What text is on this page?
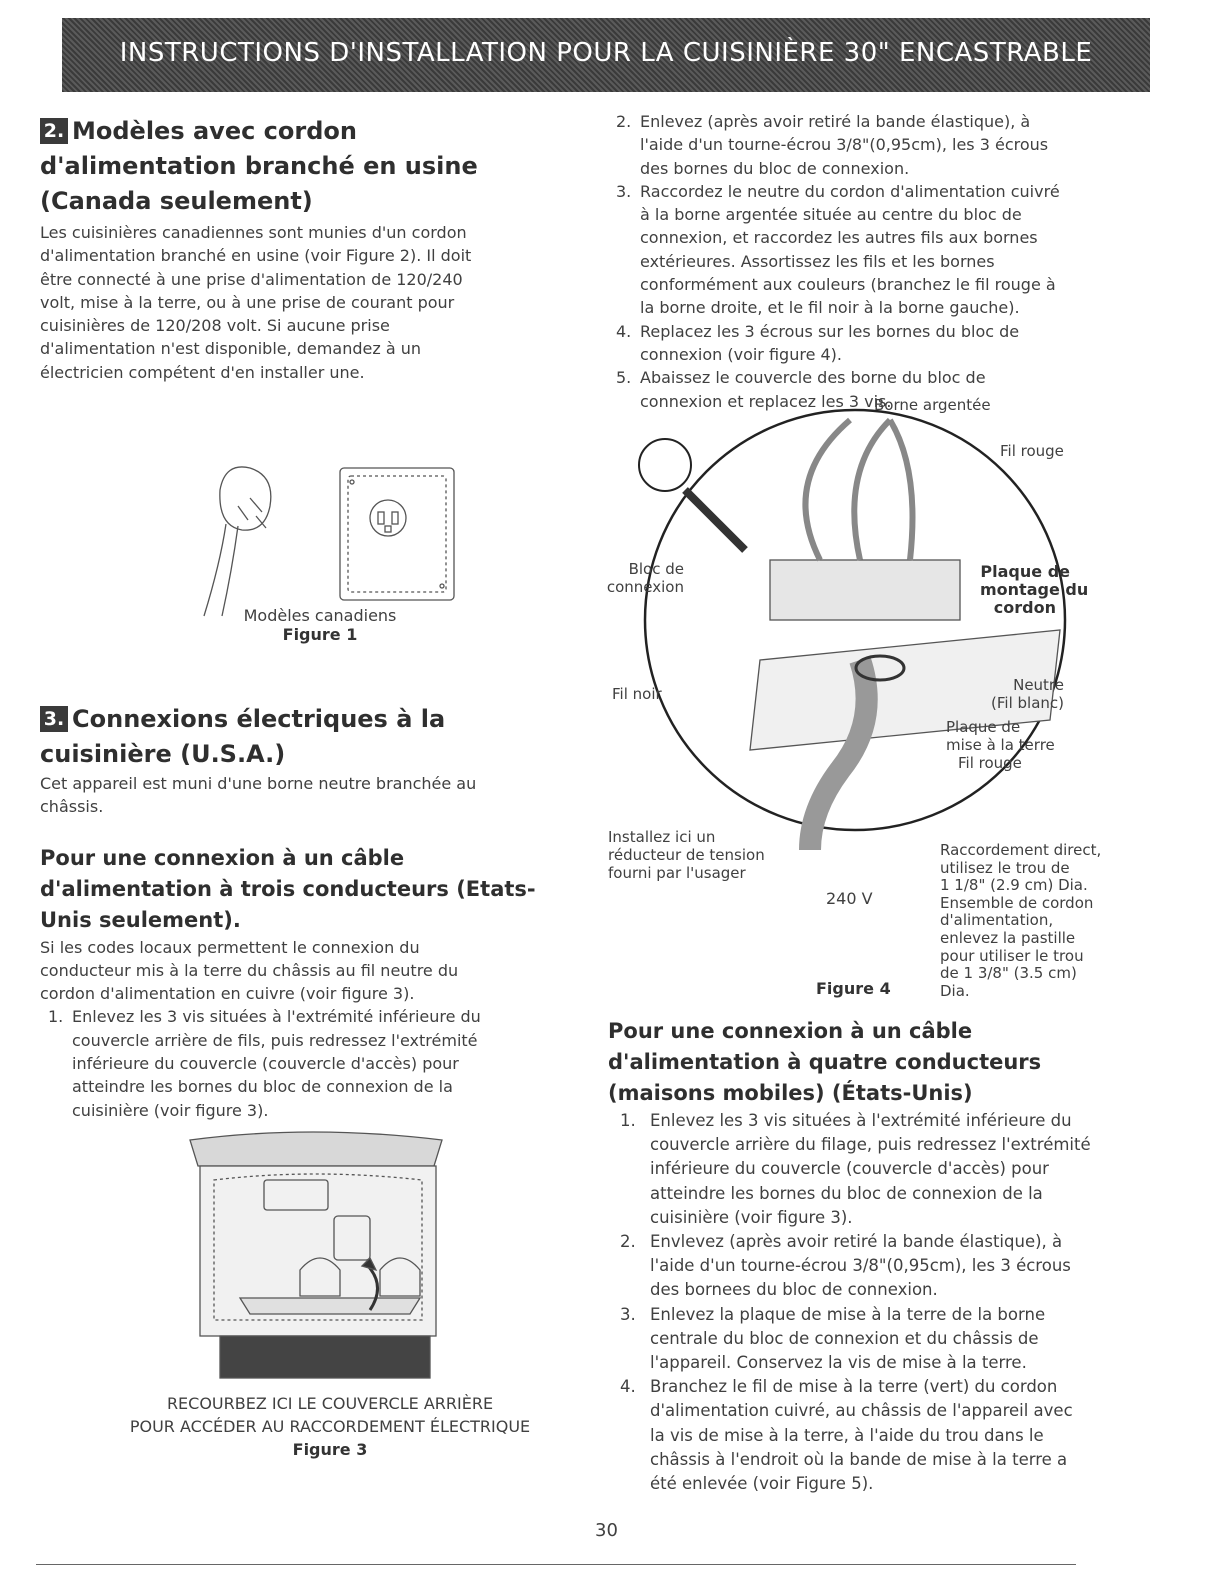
INSTRUCTIONS D'INSTALLATION POUR LA CUISINIÈRE 30" ENCASTRABLE
2. Modèles avec cordon
d'alimentation branché en usine
(Canada seulement)

Les cuisinières canadiennes sont munies d'un cordon
d'alimentation branché en usine (voir Figure 2). Il doit
être connecté à une prise d'alimentation de 120/240
volt, mise à la terre, ou à une prise de courant pour
cuisinières de 120/208 volt. Si aucune prise
d'alimentation n'est disponible, demandez à un
électricien compétent d'en installer une.

Modèles canadiens
Figure 1
3. Connexions électriques à la
cuisinière (U.S.A.)

Cet appareil est muni d'une borne neutre branchée au
châssis.

Pour une connexion à un câble
d'alimentation à trois conducteurs (Etats-
Unis seulement).

Si les codes locaux permettent le connexion du
conducteur mis à la terre du châssis au fil neutre du
cordon d'alimentation en cuivre (voir figure 3).

1. Enlevez les 3 vis situées à l'extrémité inférieure du
couvercle arrière de fils, puis redressez l'extrémité
inférieure du couvercle (couvercle d'accès) pour
atteindre les bornes du bloc de connexion de la
cuisinière (voir figure 3).
RECOURBEZ ICI LE COUVERCLE ARRIÈRE
POUR ACCÉDER AU RACCORDEMENT ÉLECTRIQUE
Figure 3
2. Enlevez (après avoir retiré la bande élastique), à
l'aide d'un tourne-écrou 3/8"(0,95cm), les 3 écrous
des bornes du bloc de connexion.
3. Raccordez le neutre du cordon d'alimentation cuivré
à la borne argentée située au centre du bloc de
connexion, et raccordez les autres fils aux bornes
extérieures. Assortissez les fils et les bornes
conformément aux couleurs (branchez le fil rouge à
la borne droite, et le fil noir à la borne gauche).
4. Replacez les 3 écrous sur les bornes du bloc de
connexion (voir figure 4).
5. Abaissez le couvercle des borne du bloc de
connexion et replacez les 3 vis.
Borne argentée
Fil rouge
Bloc de
connexion
Plaque de
montage du
cordon
Fil noir	Neutre
(Fil blanc)
Plaque de
mise à la terre
Fil rouge
Installez ici un
réducteur de tension
fourni par l'usager
240 V
Raccordement direct,
utilisez le trou de
1 1/8" (2.9 cm) Dia.
Ensemble de cordon
d'alimentation,
enlevez la pastille
pour utiliser le trou
de 1 3/8" (3.5 cm)
Dia.
Figure 4
Pour une connexion à un câble
d'alimentation à quatre conducteurs
(maisons mobiles) (États-Unis)
1. Enlevez les 3 vis situées à l'extrémité inférieure du
couvercle arrière du filage, puis redressez l'extrémité
inférieure du couvercle (couvercle d'accès) pour
atteindre les bornes du bloc de connexion de la
cuisinière (voir figure 3).
2. Envlevez (après avoir retiré la bande élastique), à
l'aide d'un tourne-écrou 3/8"(0,95cm), les 3 écrous
des bornees du bloc de connexion.
3. Enlevez la plaque de mise à la terre de la borne
centrale du bloc de connexion et du châssis de
l'appareil. Conservez la vis de mise à la terre.
4. Branchez le fil de mise à la terre (vert) du cordon
d'alimentation cuivré, au châssis de l'appareil avec
la vis de mise à la terre, à l'aide du trou dans le
châssis à l'endroit où la bande de mise à la terre a
été enlevée (voir Figure 5).
30
